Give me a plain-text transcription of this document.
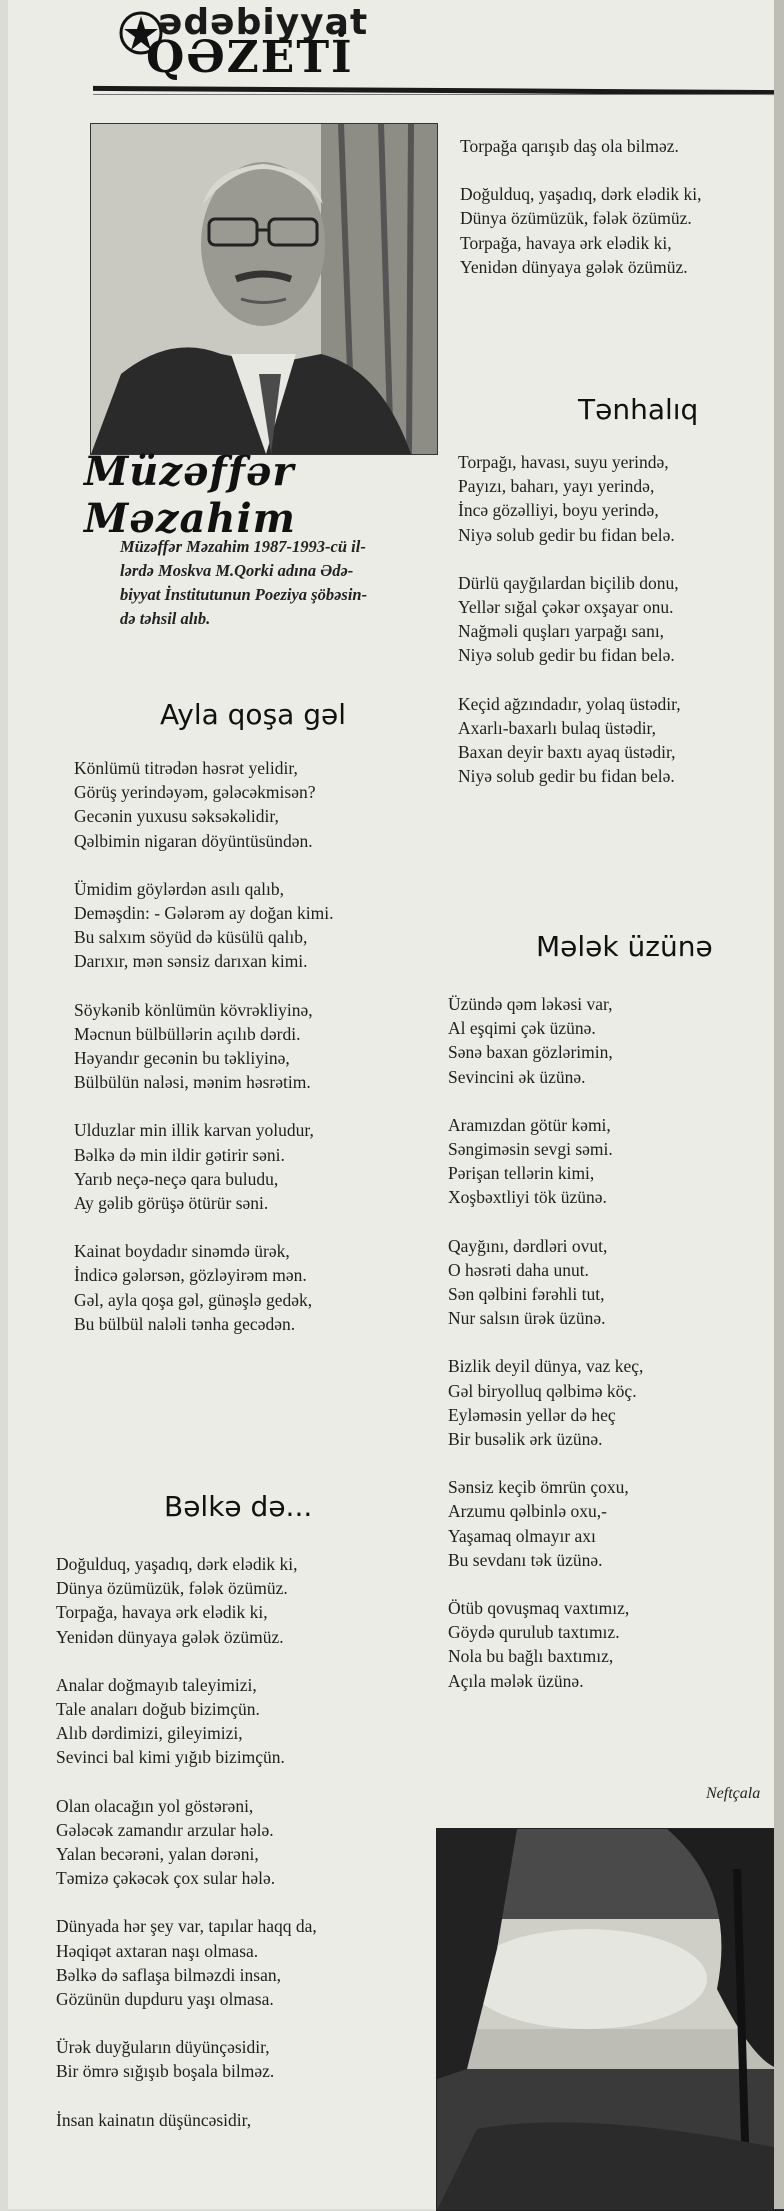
ədəbiyyat
QƏZETİ
Müzəffər Məzahim
Müzəffər Məzahim 1987-1993-cü il-
lərdə Moskva M.Qorki adına Ədə-
biyyat İnstitutunun Poeziya şöbəsin-
də təhsil alıb.
Ayla qoşa gəl
Könlümü titrədən həsrət yelidir,
Görüş yerindəyəm, gələcəkmisən?
Gecənin yuxusu səksəkəlidir,
Qəlbimin nigaran döyüntüsündən.
Ümidim göylərdən asılı qalıb,
Deməşdin: - Gələrəm ay doğan kimi.
Bu salxım söyüd də küsülü qalıb,
Darıxır, mən sənsiz darıxan kimi.
Söykənib könlümün kövrəkliyinə,
Məcnun bülbüllərin açılıb dərdi.
Həyandır gecənin bu təkliyinə,
Bülbülün naləsi, mənim həsrətim.
Ulduzlar min illik karvan yoludur,
Bəlkə də min ildir gətirir səni.
Yarıb neçə-neçə qara buludu,
Ay gəlib görüşə ötürür səni.
Kainat boydadır sinəmdə ürək,
İndicə gələrsən, gözləyirəm mən.
Gəl, ayla qoşa gəl, günəşlə gedək,
Bu bülbül naləli tənha gecədən.
Bəlkə də...
Doğulduq, yaşadıq, dərk elədik ki,
Dünya özümüzük, fələk özümüz.
Torpağa, havaya ərk elədik ki,
Yenidən dünyaya gələk özümüz.
Analar doğmayıb taleyimizi,
Tale anaları doğub bizimçün.
Alıb dərdimizi, gileyimizi,
Sevinci bal kimi yığıb bizimçün.
Olan olacağın yol göstərəni,
Gələcək zamandır arzular hələ.
Yalan becərəni, yalan dərəni,
Təmizə çəkəcək çox sular hələ.
Dünyada hər şey var, tapılar haqq da,
Həqiqət axtaran naşı olmasa.
Bəlkə də saflaşa bilməzdi insan,
Gözünün dupduru yaşı olmasa.
Ürək duyğuların düyünçəsidir,
Bir ömrə sığışıb boşala bilməz.
İnsan kainatın düşüncəsidir,
Torpağa qarışıb daş ola bilməz.
Doğulduq, yaşadıq, dərk elədik ki,
Dünya özümüzük, fələk özümüz.
Torpağa, havaya ərk elədik ki,
Yenidən dünyaya gələk özümüz.
Tənhalıq
Torpağı, havası, suyu yerində,
Payızı, baharı, yayı yerində,
İncə gözəlliyi, boyu yerində,
Niyə solub gedir bu fidan belə.
Dürlü qayğılardan biçilib donu,
Yellər sığal çəkər oxşayar onu.
Nağməli quşları yarpağı sanı,
Niyə solub gedir bu fidan belə.
Keçid ağzındadır, yolaq üstədir,
Axarlı-baxarlı bulaq üstədir,
Baxan deyir baxtı ayaq üstədir,
Niyə solub gedir bu fidan belə.
Mələk üzünə
Üzündə qəm ləkəsi var,
Al eşqimi çək üzünə.
Sənə baxan gözlərimin,
Sevincini ək üzünə.
Aramızdan götür kəmi,
Səngiməsin sevgi səmi.
Pərişan tellərin kimi,
Xoşbəxtliyi tök üzünə.
Qayğını, dərdləri ovut,
O həsrəti daha unut.
Sən qəlbini fərəhli tut,
Nur salsın ürək üzünə.
Bizlik deyil dünya, vaz keç,
Gəl biryolluq qəlbimə köç.
Eyləməsin yellər də heç
Bir busəlik ərk üzünə.
Sənsiz keçib ömrün çoxu,
Arzumu qəlbinlə oxu,-
Yaşamaq olmayır axı
Bu sevdanı tək üzünə.
Ötüb qovuşmaq vaxtımız,
Göydə qurulub taxtımız.
Nola bu bağlı baxtımız,
Açıla mələk üzünə.
Neftçala
